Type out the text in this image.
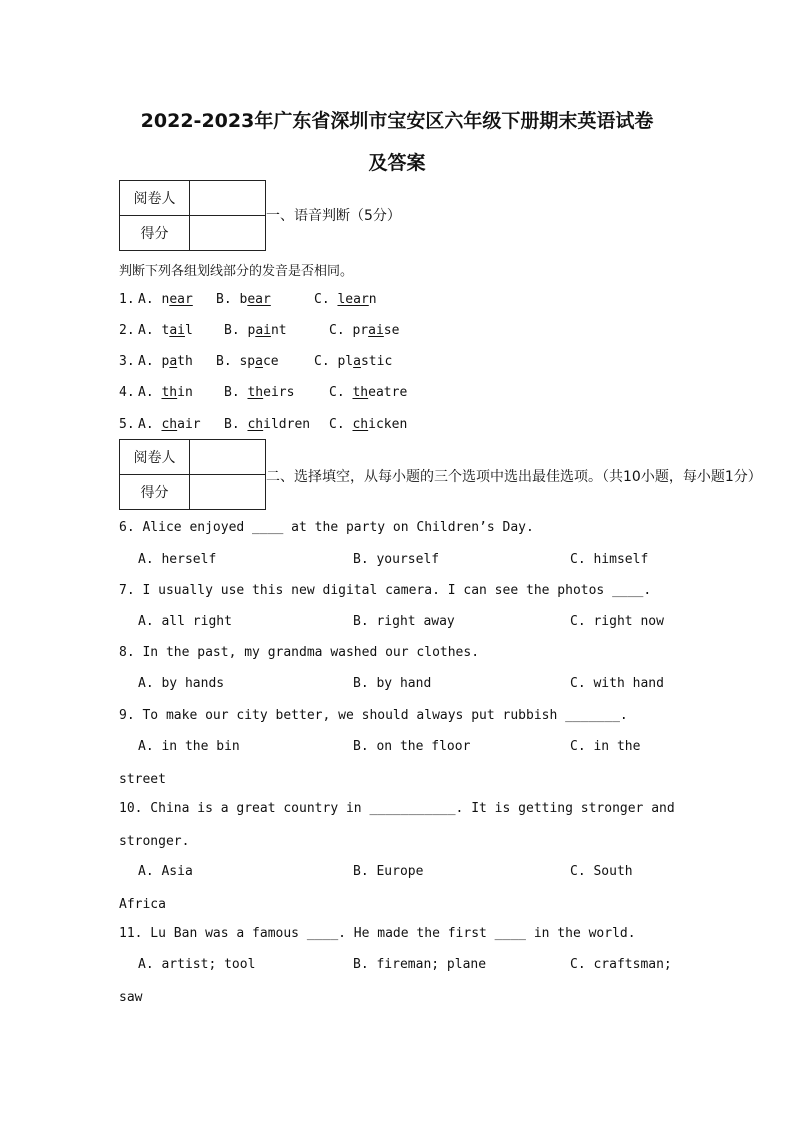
2022-2023年广东省深圳市宝安区六年级下册期末英语试卷
及答案
阅卷人	
得分	
一、语音判断（5分）
判断下列各组划线部分的发音是否相同。
1. A. near B. bear	C. learn
2. A. tail B. paint	C. praise
3. A. path B. space	C. plastic
4. A. thin B. theirs	C. theatre
5. A. chair B. children C. chicken
阅卷人	
得分	
二、选择填空，从每小题的三个选项中选出最佳选项。（共10小题，每小题1分）
6. Alice enjoyed ____ at the party on Children’s Day.
A. herself	B. yourself	C. himself
7. I usually use this new digital camera. I can see the photos ____.
A. all right	B. right away	C. right now
8. In the past, my grandma washed our clothes.
A. by hands	B. by hand	C. with hand
9. To make our city better, we should always put rubbish _______.
A. in the bin	B. on the floor	C. in the
street
10. China is a great country in ___________. It is getting stronger and
stronger.
A. Asia	B. Europe	C. South
Africa
11. Lu Ban was a famous ____. He made the first ____ in the world.
A. artist; tool	B. fireman; plane	C. craftsman;
saw
